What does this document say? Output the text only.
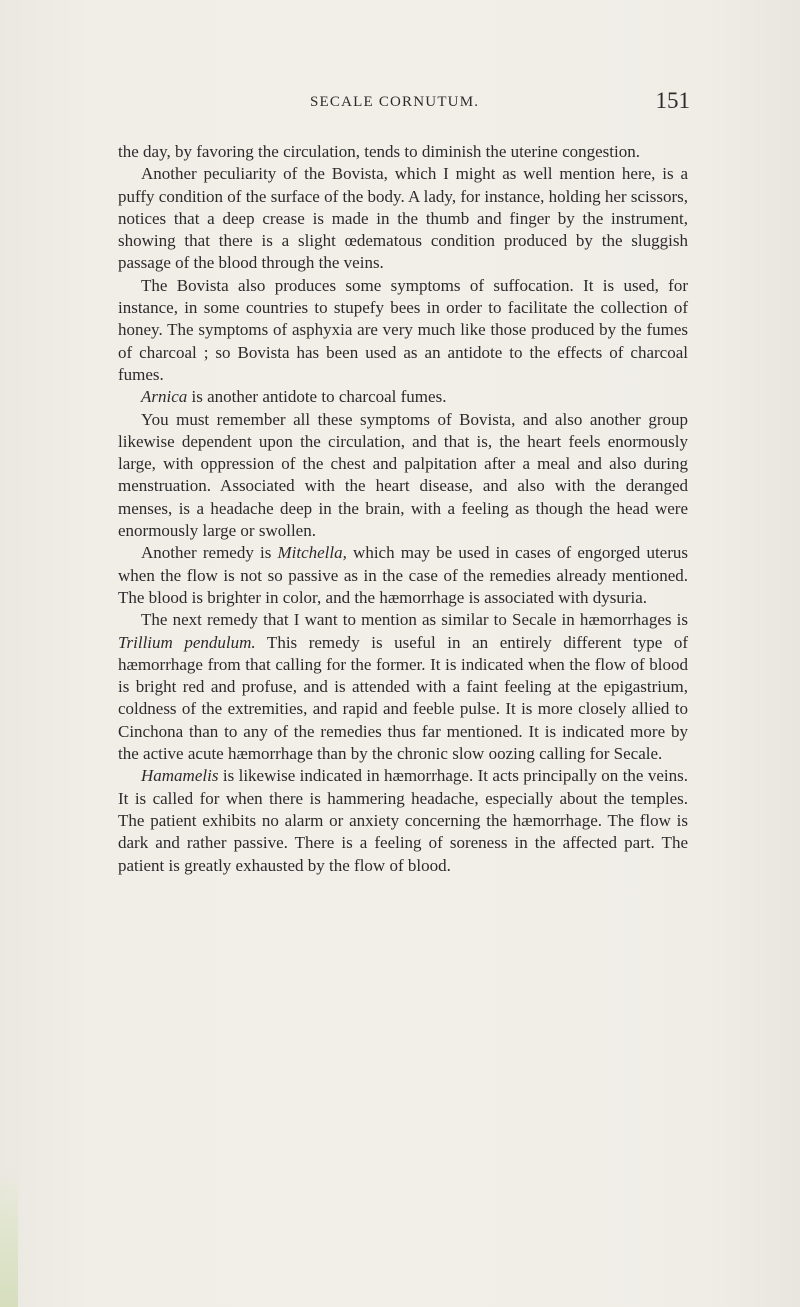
SECALE CORNUTUM.	151

the day, by favoring the circulation, tends to diminish the uterine congestion.

Another peculiarity of the Bovista, which I might as well mention here, is a puffy condition of the surface of the body. A lady, for instance, holding her scissors, notices that a deep crease is made in the thumb and finger by the instrument, showing that there is a slight œdematous condition produced by the sluggish passage of the blood through the veins.

The Bovista also produces some symptoms of suffocation. It is used, for instance, in some countries to stupefy bees in order to facilitate the collection of honey. The symptoms of asphyxia are very much like those produced by the fumes of charcoal ; so Bovista has been used as an antidote to the effects of charcoal fumes.

Arnica is another antidote to charcoal fumes.

You must remember all these symptoms of Bovista, and also another group likewise dependent upon the circulation, and that is, the heart feels enormously large, with oppression of the chest and palpitation after a meal and also during menstruation. Associated with the heart disease, and also with the deranged menses, is a headache deep in the brain, with a feeling as though the head were enormously large or swollen.

Another remedy is Mitchella, which may be used in cases of engorged uterus when the flow is not so passive as in the case of the remedies already mentioned. The blood is brighter in color, and the hæmorrhage is associated with dysuria.

The next remedy that I want to mention as similar to Secale in hæmorrhages is Trillium pendulum. This remedy is useful in an entirely different type of hæmorrhage from that calling for the former. It is indicated when the flow of blood is bright red and profuse, and is attended with a faint feeling at the epigastrium, coldness of the extremities, and rapid and feeble pulse. It is more closely allied to Cinchona than to any of the remedies thus far mentioned. It is indicated more by the active acute hæmorrhage than by the chronic slow oozing calling for Secale.

Hamamelis is likewise indicated in hæmorrhage. It acts principally on the veins. It is called for when there is hammering headache, especially about the temples. The patient exhibits no alarm or anxiety concerning the hæmorrhage. The flow is dark and rather passive. There is a feeling of soreness in the affected part. The patient is greatly exhausted by the flow of blood.
